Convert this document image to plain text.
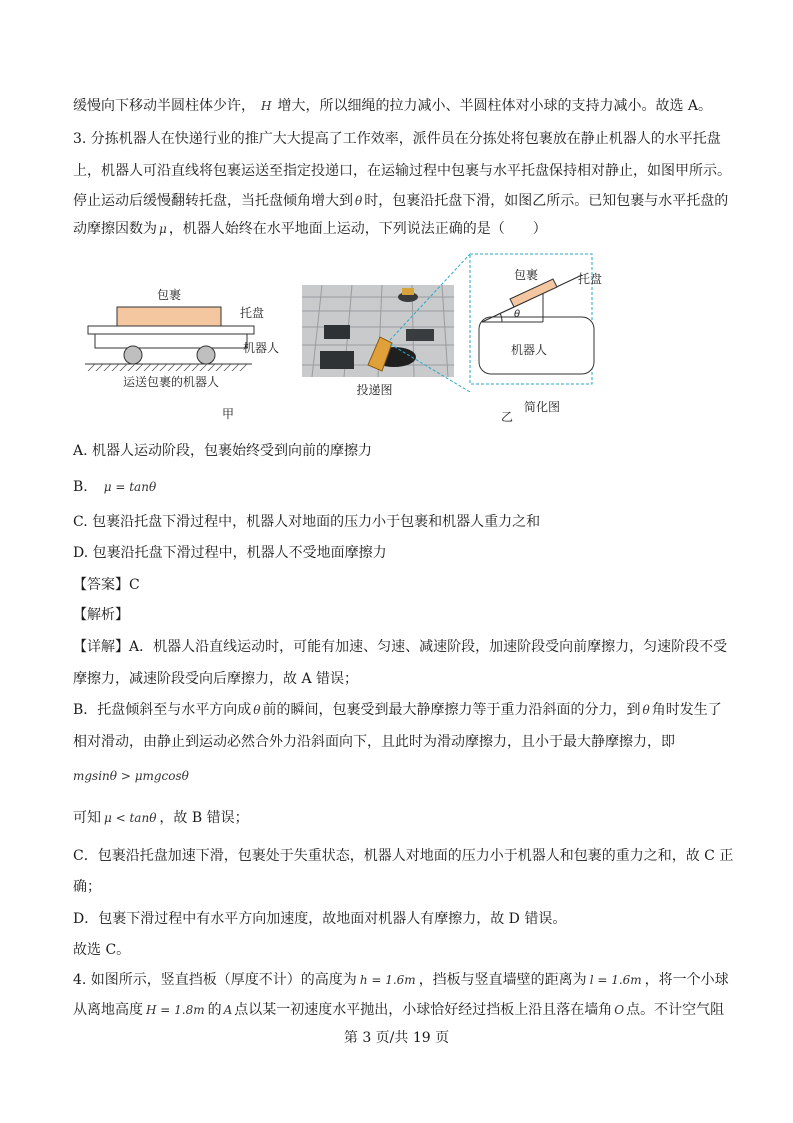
缓慢向下移动半圆柱体少许， H 增大，所以细绳的拉力减小、半圆柱体对小球的支持力减小。故选 A。
3. 分拣机器人在快递行业的推广大大提高了工作效率，派件员在分拣处将包裹放在静止机器人的水平托盘
上，机器人可沿直线将包裹运送至指定投递口，在运输过程中包裹与水平托盘保持相对静止，如图甲所示。
停止运动后缓慢翻转托盘，当托盘倾角增大到 θ 时，包裹沿托盘下滑，如图乙所示。已知包裹与水平托盘的
动摩擦因数为 μ ，机器人始终在水平地面上运动，下列说法正确的是（　　）
包裹
托盘
机器人
运送包裹的机器人
甲
投递图
θ
包裹	托盘
机器人
简化图
乙
A. 机器人运动阶段，包裹始终受到向前的摩擦力
B. μ = tanθ
C. 包裹沿托盘下滑过程中，机器人对地面的压力小于包裹和机器人重力之和
D. 包裹沿托盘下滑过程中，机器人不受地面摩擦力
【答案】C
【解析】
【详解】A．机器人沿直线运动时，可能有加速、匀速、减速阶段，加速阶段受向前摩擦力，匀速阶段不受
摩擦力，减速阶段受向后摩擦力，故 A 错误；
B．托盘倾斜至与水平方向成 θ 前的瞬间，包裹受到最大静摩擦力等于重力沿斜面的分力，到 θ 角时发生了
相对滑动，由静止到运动必然合外力沿斜面向下，且此时为滑动摩擦力，且小于最大静摩擦力，即
mgsinθ > μmgcosθ
可知 μ < tanθ ，故 B 错误；
C．包裹沿托盘加速下滑，包裹处于失重状态，机器人对地面的压力小于机器人和包裹的重力之和，故 C 正
确；
D．包裹下滑过程中有水平方向加速度，故地面对机器人有摩擦力，故 D 错误。
故选 C。
4. 如图所示，竖直挡板（厚度不计）的高度为 h = 1.6m ，挡板与竖直墙壁的距离为 l = 1.6m ，将一个小球
从离地高度 H = 1.8m 的 A 点以某一初速度水平抛出，小球恰好经过挡板上沿且落在墙角 O 点。不计空气阻
第 3 页/共 19 页
